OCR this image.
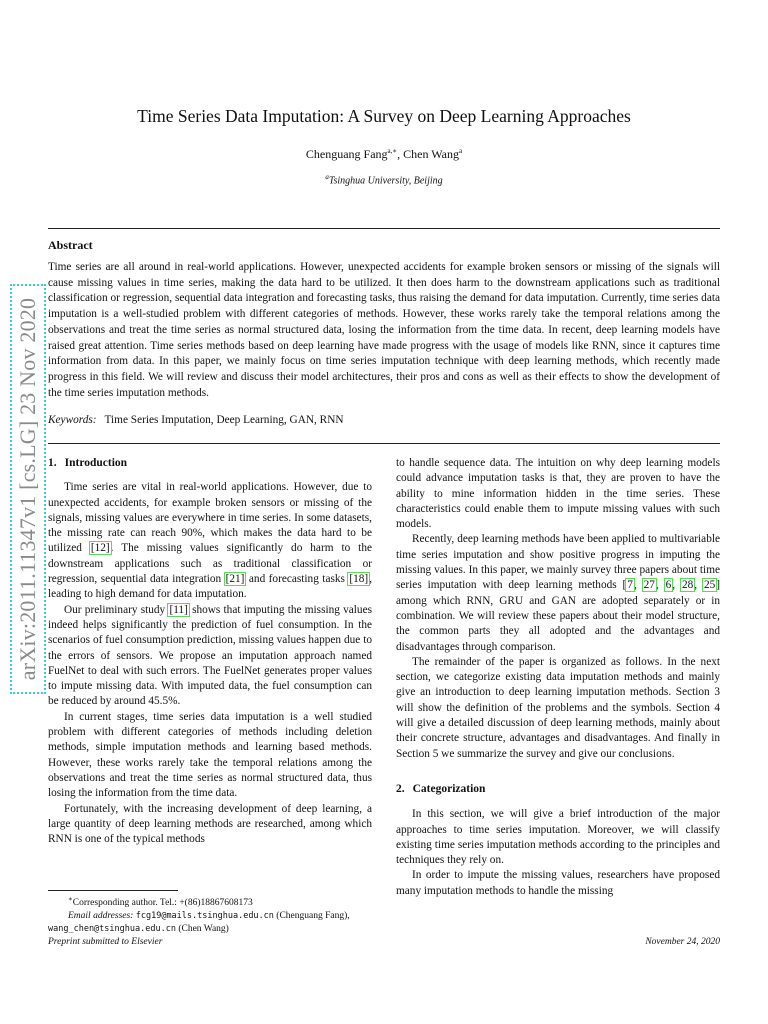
arXiv:2011.11347v1 [cs.LG] 23 Nov 2020
Time Series Data Imputation: A Survey on Deep Learning Approaches
Chenguang Fang$^{a,∗}$, Chen Wang$^a$
$^a$Tsinghua University, Beijing
Abstract

Time series are all around in real-world applications. However, unexpected accidents for example broken sensors or missing of the signals will cause missing values in time series, making the data hard to be utilized. It then does harm to the downstream applications such as traditional classification or regression, sequential data integration and forecasting tasks, thus raising the demand for data imputation. Currently, time series data imputation is a well-studied problem with different categories of methods. However, these works rarely take the temporal relations among the observations and treat the time series as normal structured data, losing the information from the time data. In recent, deep learning models have raised great attention. Time series methods based on deep learning have made progress with the usage of models like RNN, since it captures time information from data. In this paper, we mainly focus on time series imputation technique with deep learning methods, which recently made progress in this field. We will review and discuss their model architectures, their pros and cons as well as their effects to show the development of the time series imputation methods.

Keywords: Time Series Imputation, Deep Learning, GAN, RNN
1. Introduction

Time series are vital in real-world applications. However, due to unexpected accidents, for example broken sensors or missing of the signals, missing values are everywhere in time series. In some datasets, the missing rate can reach 90%, which makes the data hard to be utilized [12]. The missing values significantly do harm to the downstream applications such as traditional classification or regression, sequential data integration [21] and forecasting tasks [18], leading to high demand for data imputation.

Our preliminary study [11] shows that imputing the missing values indeed helps significantly the prediction of fuel consumption. In the scenarios of fuel consumption prediction, missing values happen due to the errors of sensors. We propose an imputation approach named FuelNet to deal with such errors. The FuelNet generates proper values to impute missing data. With imputed data, the fuel consumption can be reduced by around 45.5%.

In current stages, time series data imputation is a well studied problem with different categories of methods including deletion methods, simple imputation methods and learning based methods. However, these works rarely take the temporal relations among the observations and treat the time series as normal structured data, thus losing the information from the time data.

Fortunately, with the increasing development of deep learning, a large quantity of deep learning methods are researched, among which RNN is one of the typical methods

to handle sequence data. The intuition on why deep learning models could advance imputation tasks is that, they are proven to have the ability to mine information hidden in the time series. These characteristics could enable them to impute missing values with such models.

Recently, deep learning methods have been applied to multivariable time series imputation and show positive progress in imputing the missing values. In this paper, we mainly survey three papers about time series imputation with deep learning methods [7, 27, 6, 28, 25] among which RNN, GRU and GAN are adopted separately or in combination. We will review these papers about their model structure, the common parts they all adopted and the advantages and disadvantages through comparison.

The remainder of the paper is organized as follows. In the next section, we categorize existing data imputation methods and mainly give an introduction to deep learning imputation methods. Section 3 will show the definition of the problems and the symbols. Section 4 will give a detailed discussion of deep learning methods, mainly about their concrete structure, advantages and disadvantages. And finally in Section 5 we summarize the survey and give our conclusions.

2. Categorization

In this section, we will give a brief introduction of the major approaches to time series imputation. Moreover, we will classify existing time series imputation methods according to the principles and techniques they rely on.

In order to impute the missing values, researchers have proposed many imputation methods to handle the missing

∗Corresponding author. Tel.: +(86)18867608173
Email addresses: fcg19@mails.tsinghua.edu.cn (Chenguang Fang), wang_chen@tsinghua.edu.cn (Chen Wang)
Preprint submitted to Elsevier	November 24, 2020
